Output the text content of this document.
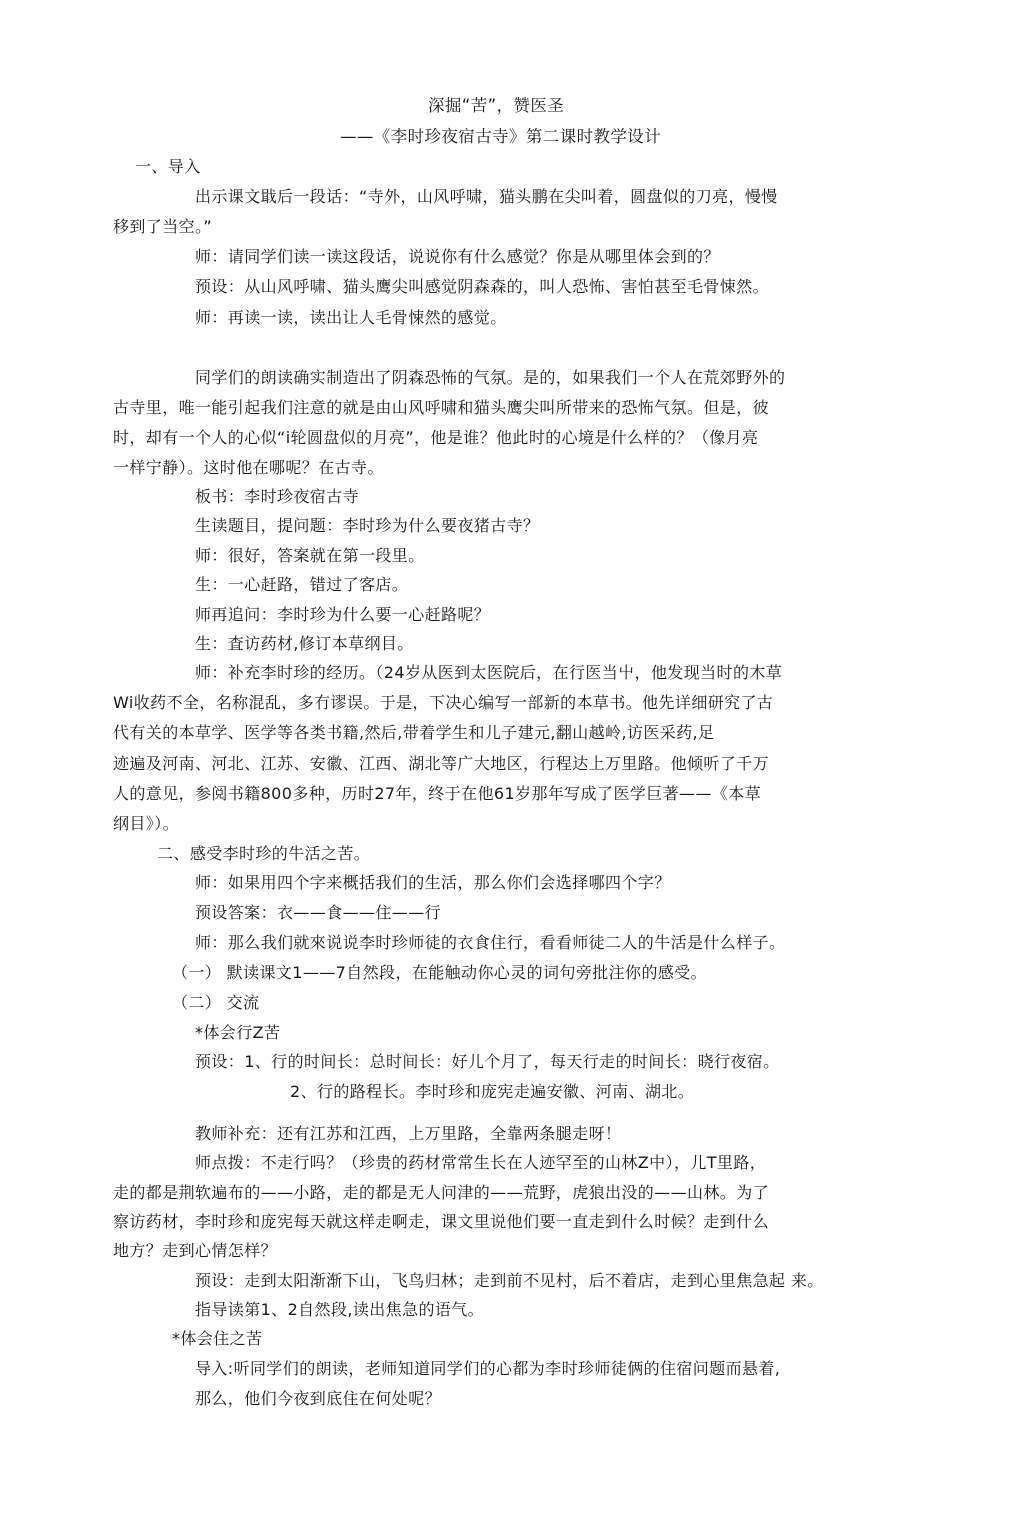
深掘“苦”，赞医圣
——《李时珍夜宿古寺》第二课时教学设计
一、导入
出示课文戢后一段话：“寺外，山风呼啸，猫头鹏在尖叫着，圆盘似的刀亮，慢慢
移到了当空。”
师：请同学们读一读这段话，说说你有什么感觉？你是从哪里体会到的？
预设：从山风呼啸、猫头鹰尖叫感觉阴森森的，叫人恐怖、害怕甚至毛骨悚然。
师：再读一读，读出让人毛骨悚然的感觉。
同学们的朗读确实制造出了阴森恐怖的气氛。是的，如果我们一个人在荒郊野外的
古寺里，唯一能引起我们注意的就是由山风呼啸和猫头鹰尖叫所带来的恐怖气氛。但是，彼
时，却有一个人的心似“i轮圆盘似的月亮”，他是谁？他此时的心境是什么样的？（像月亮
一样宁静）。这时他在哪呢？在古寺。
板书：李时珍夜宿古寺
生读题目，提问题：李时珍为什么要夜猪古寺？
师：很好，答案就在第一段里。
生：一心赶路，错过了客店。
师再追问：李时珍为什么要一心赶路呢？
生：査访药材,修订本草纲目。
师：补充李时珍的经历。（24岁从医到太医院后，在行医当屮，他发现当时的木草
Wi收药不全，名称混乱，多冇谬误。于是，下决心编写一部新的本草书。他先详细研究了古
代有关的本草学、医学等各类书籍,然后,带着学生和儿子建元,翻山越岭,访医采药,足
迹遍及河南、河北、江苏、安徽、江西、湖北等广大地区，行程达上万里路。他倾听了千万
人的意见，参阅书籍800多种，历时27年，终于在他61岁那年写成了医学巨著——《本草
纲目》）。
二、感受李时珍的牛活之苦。
师：如果用四个字来概括我们的生活，那么你们会选择哪四个字？
预设答案：衣——食——住——行
师：那么我们就來说说李时珍师徒的衣食住行，看看师徒二人的牛活是什么样子。
（一） 默读课文1——7自然段，在能触动你心灵的词句旁批注你的感受。
（二） 交流
*体会行Z苦
预设：1、行的时间长：总时间长：好儿个月了，每天行走的时间长：晓行夜宿。
2、行的路程长。李时珍和庞宪走遍安徽、河南、湖北。
教师补充：还有江苏和江西，上万里路，全靠两条腿走呀！
师点拨：不走行吗？（珍贵的药材常常生长在人迹罕至的山林Z中），儿T里路，
走的都是荆软遍布的——小路，走的都是无人问津的——荒野，虎狼出没的——山林。为了
察访药材，李时珍和庞宪每天就这样走啊走，课文里说他们要一直走到什么时候？走到什么
地方？走到心情怎样？
预设：走到太阳渐渐下山，飞鸟归林；走到前不见村，后不着店，走到心里焦急起 来。
指导读第1、2自然段,读出焦急的语气。
*体会住之苦
导入:听同学们的朗读，老师知道同学们的心都为李时珍师徒俩的住宿问题而悬着,
那么，他们今夜到底住在何处呢？
